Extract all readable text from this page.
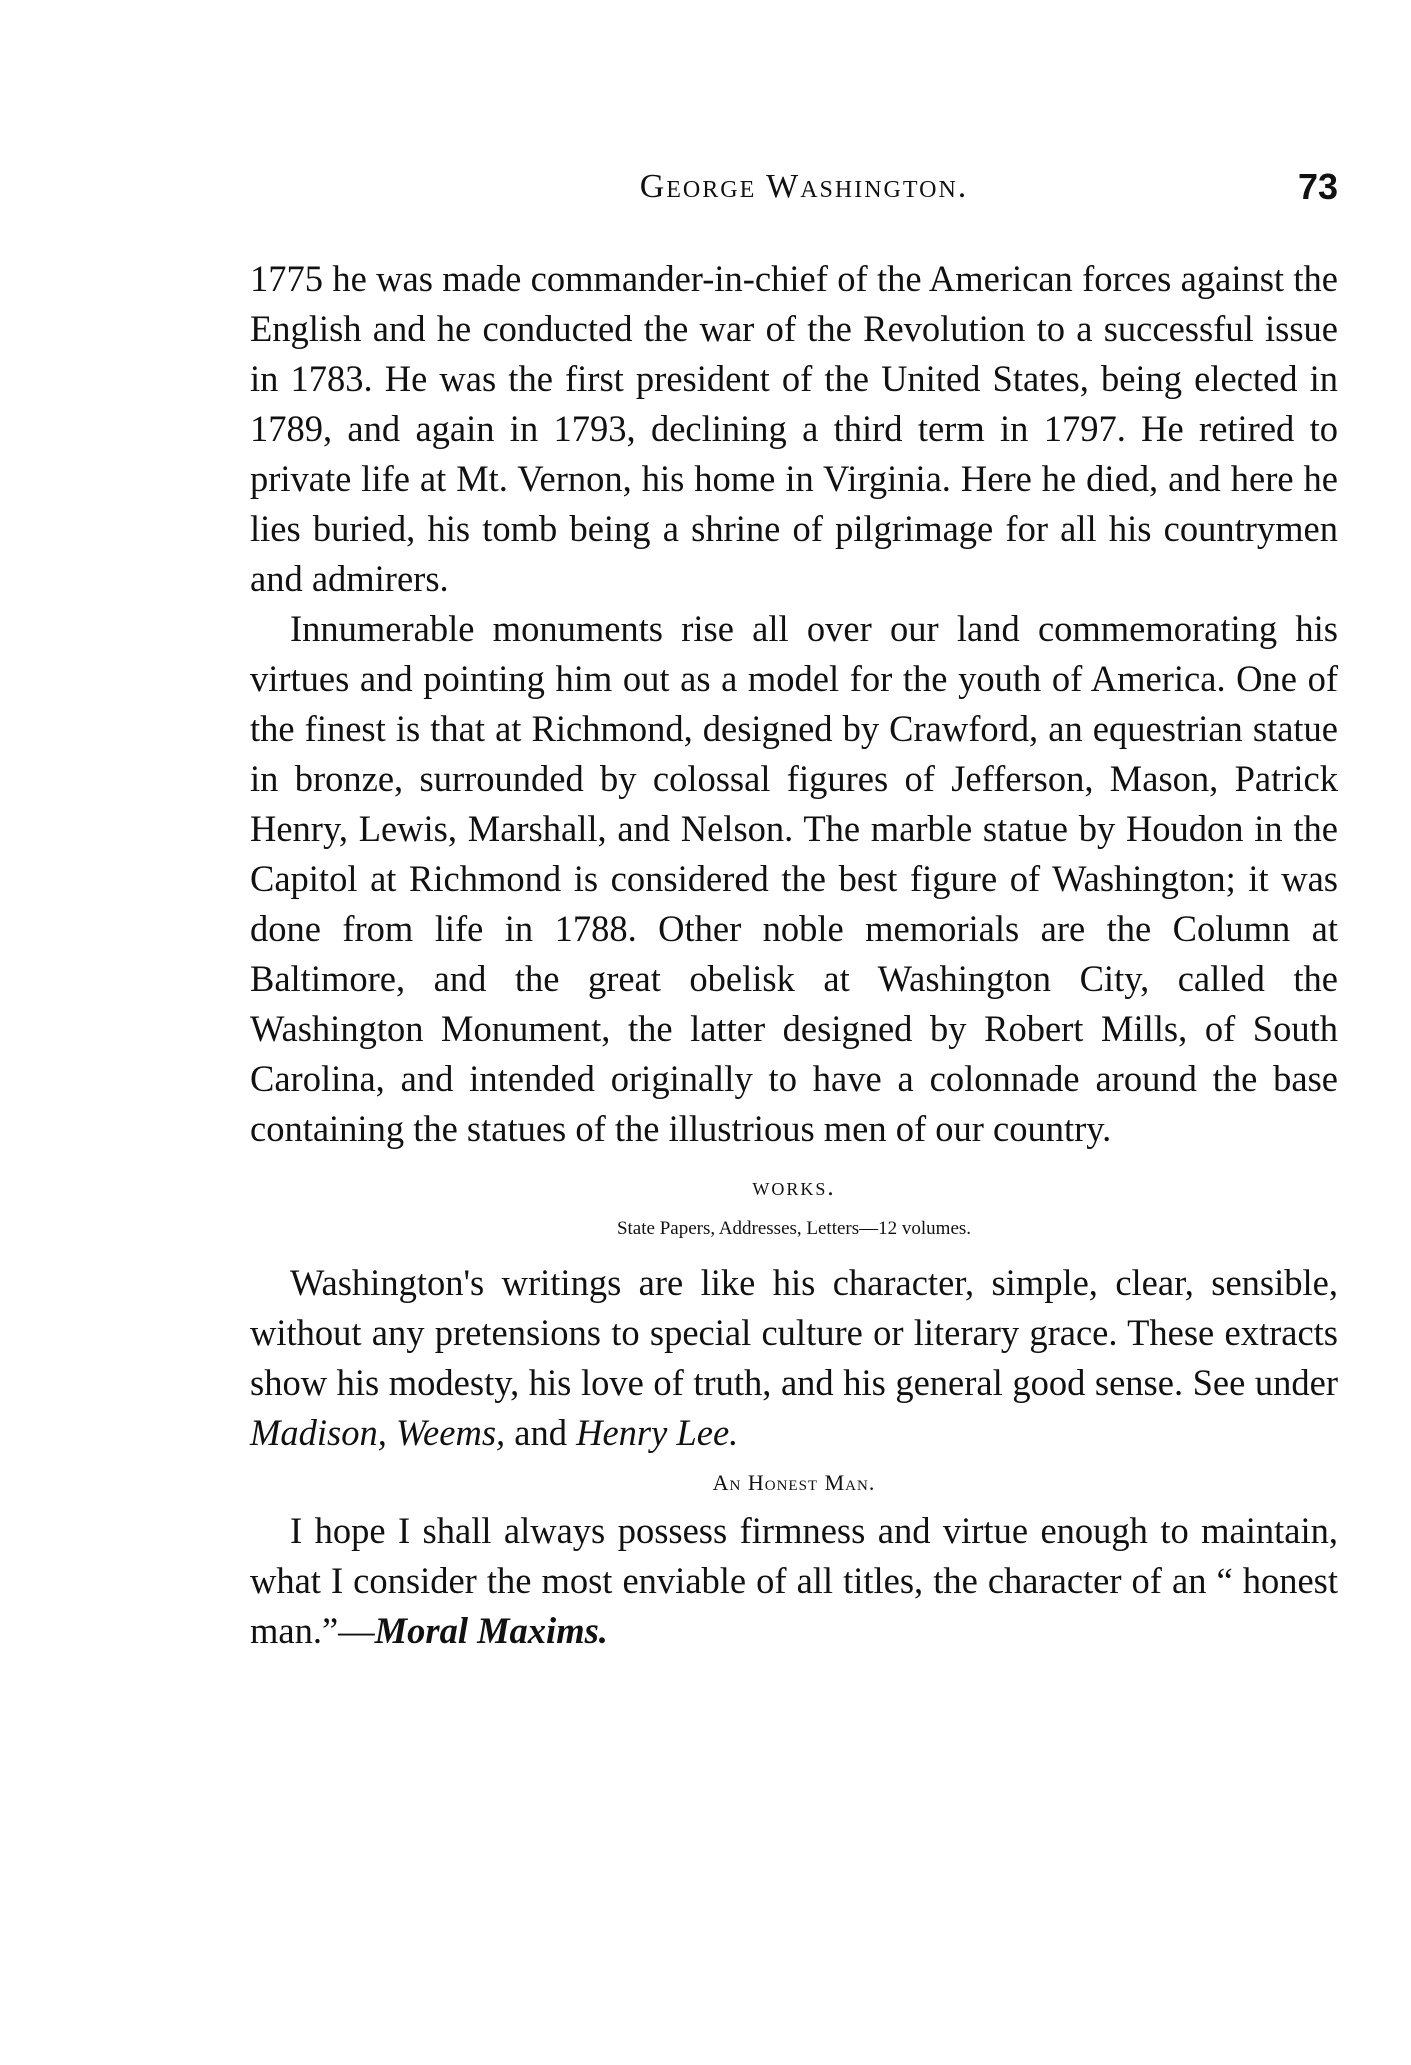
George Washington.	73

1775 he was made commander-in-chief of the American forces against the English and he conducted the war of the Revolution to a successful issue in 1783. He was the first president of the United States, being elected in 1789, and again in 1793, declining a third term in 1797. He retired to private life at Mt. Vernon, his home in Virginia. Here he died, and here he lies buried, his tomb being a shrine of pilgrimage for all his countrymen and admirers.

Innumerable monuments rise all over our land commemorating his virtues and pointing him out as a model for the youth of America. One of the finest is that at Richmond, designed by Crawford, an equestrian statue in bronze, surrounded by colossal figures of Jefferson, Mason, Patrick Henry, Lewis, Marshall, and Nelson. The marble statue by Houdon in the Capitol at Richmond is considered the best figure of Washington; it was done from life in 1788. Other noble memorials are the Column at Baltimore, and the great obelisk at Washington City, called the Washington Monument, the latter designed by Robert Mills, of South Carolina, and intended originally to have a colonnade around the base containing the statues of the illustrious men of our country.

works.
State Papers, Addresses, Letters—12 volumes.

Washington's writings are like his character, simple, clear, sensible, without any pretensions to special culture or literary grace. These extracts show his modesty, his love of truth, and his general good sense. See under Madison, Weems, and Henry Lee.

An Honest Man.

I hope I shall always possess firmness and virtue enough to maintain, what I consider the most enviable of all titles, the character of an “ honest man.”—Moral Maxims.
